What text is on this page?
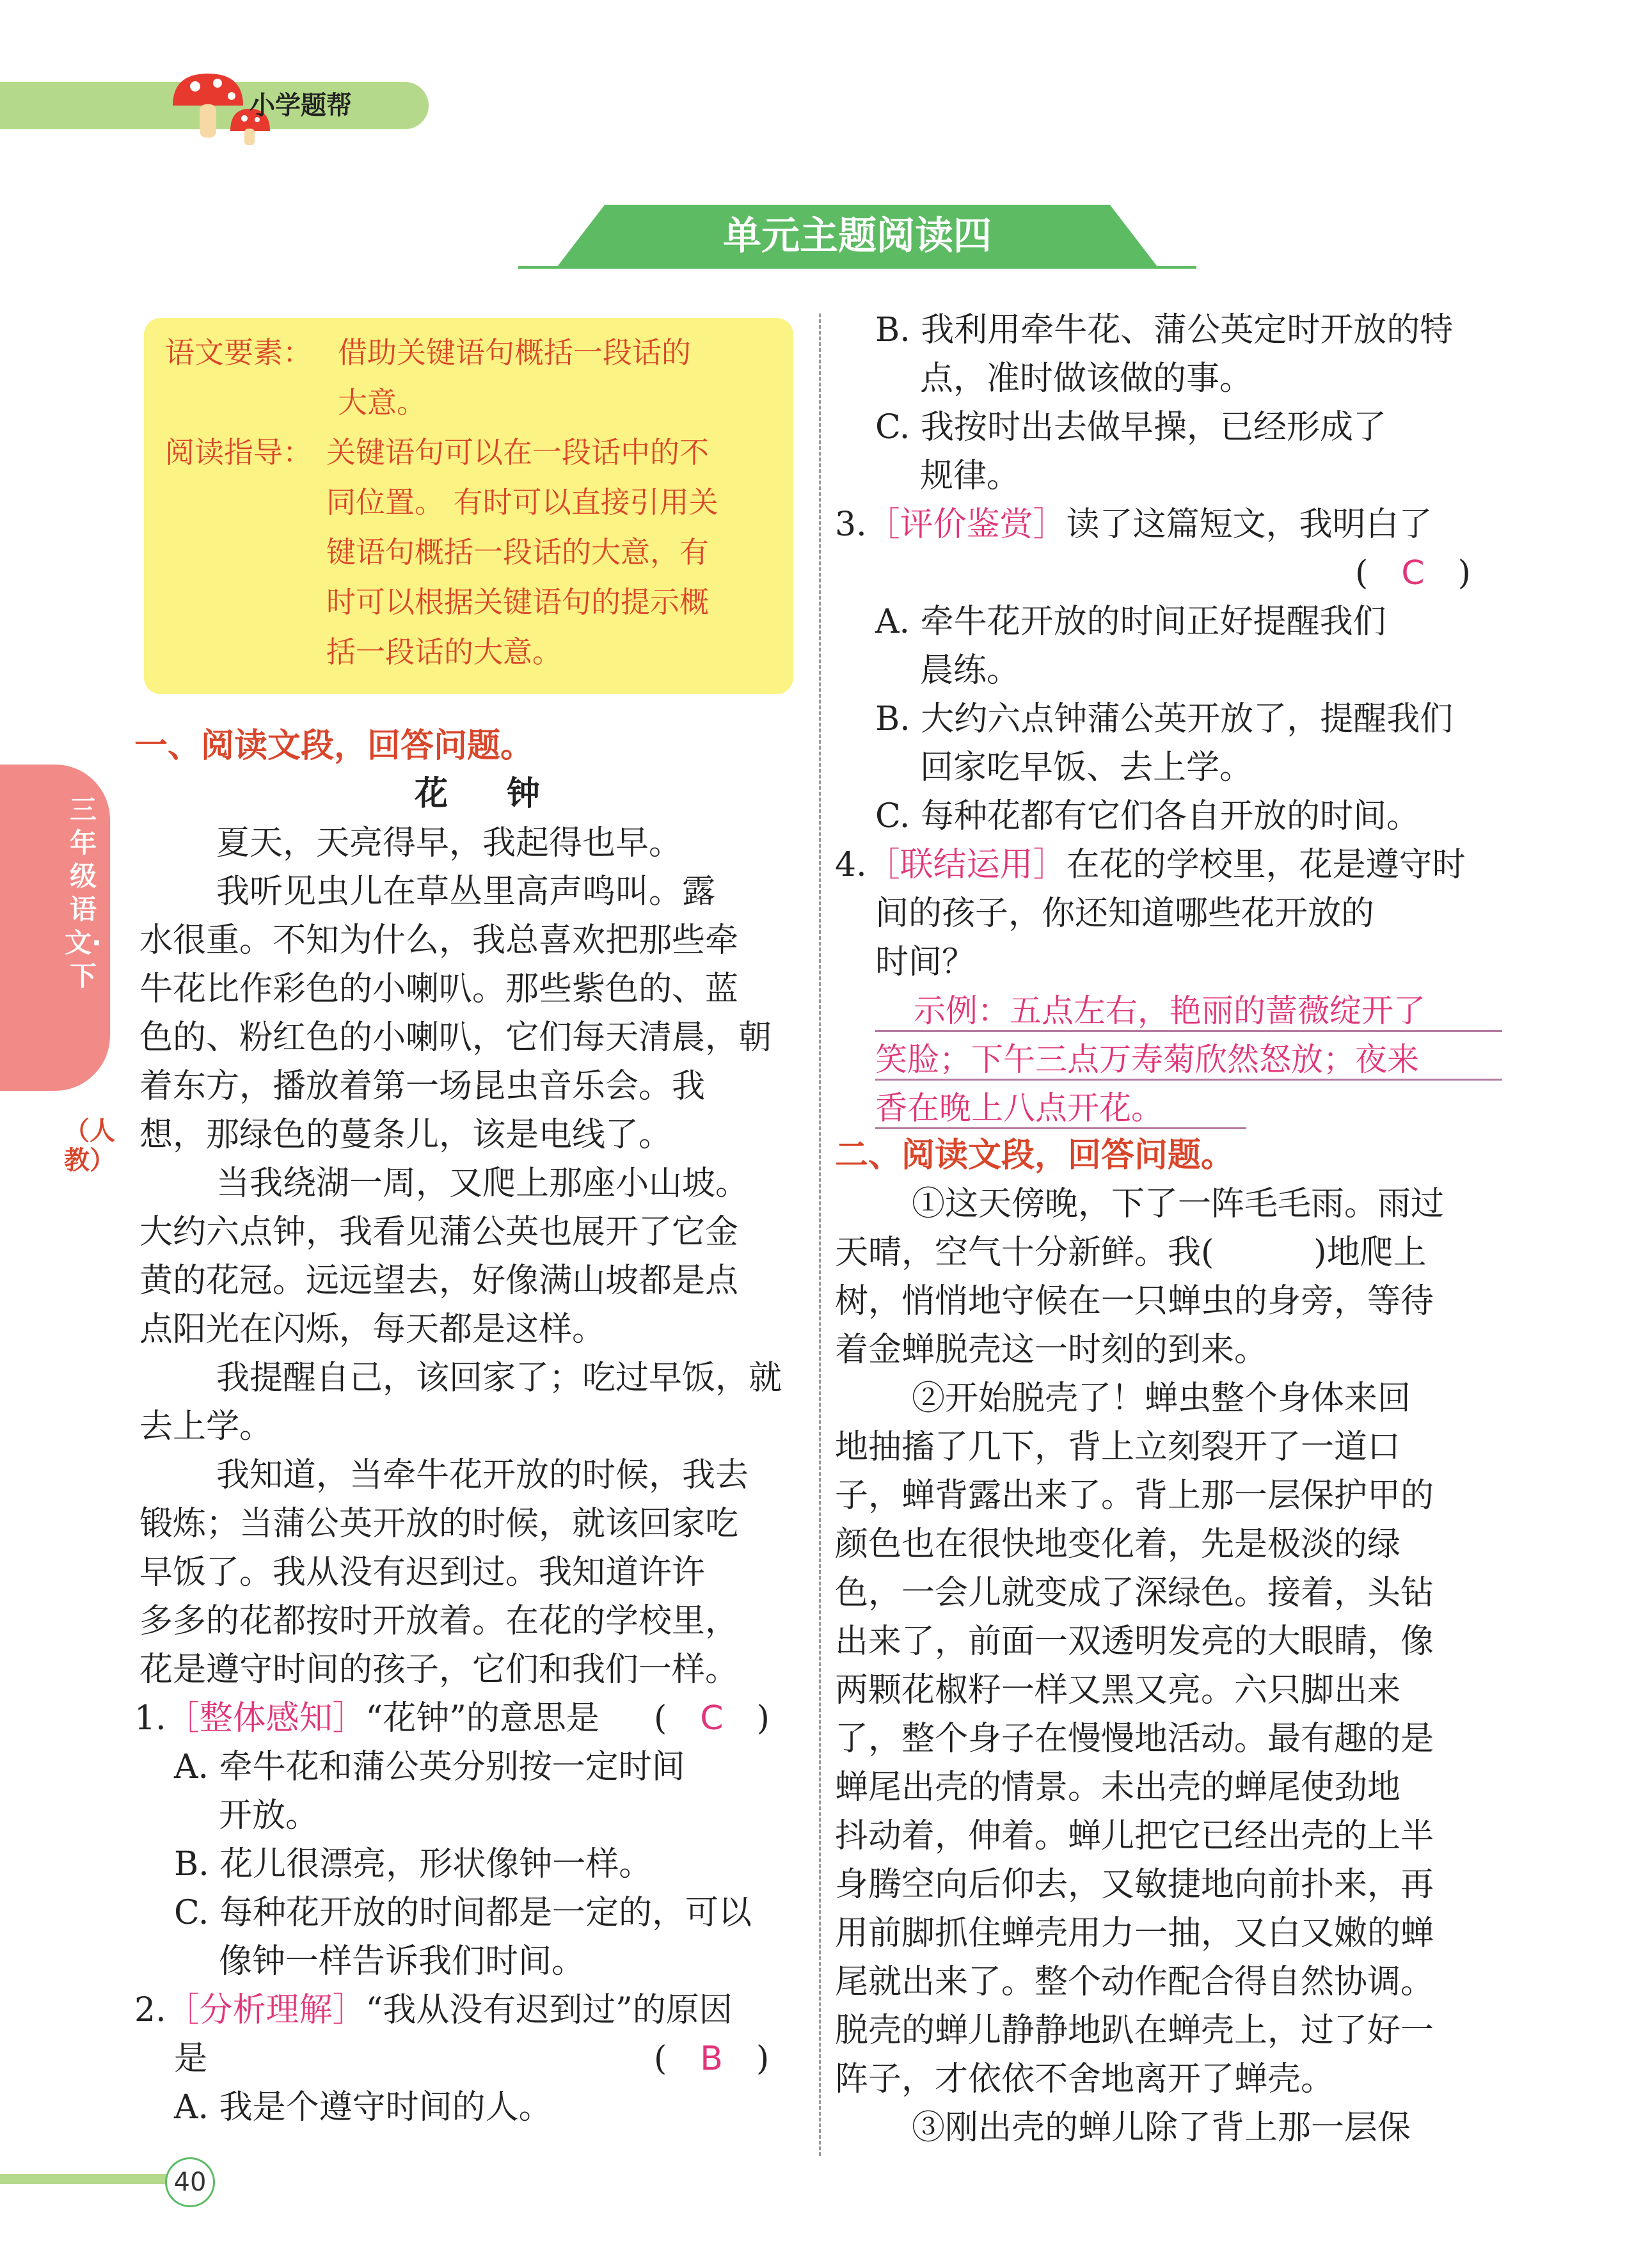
小学题帮
单元主题阅读四
语文要素： 借助关键语句概括一段话的
大意。
阅读指导： 关键语句可以在一段话中的不
同位置。 有时可以直接引用关
键语句概括一段话的大意，有
时可以根据关键语句的提示概
括一段话的大意。
三年级语文·下
（人教）
一、阅读文段，回答问题。
花　钟
夏天，天亮得早，我起得也早。
我听见虫儿在草丛里高声鸣叫。露
水很重。不知为什么，我总喜欢把那些牵
牛花比作彩色的小喇叭。那些紫色的、蓝
色的、粉红色的小喇叭，它们每天清晨，朝
着东方，播放着第一场昆虫音乐会。我
想，那绿色的蔓条儿，该是电线了。
当我绕湖一周，又爬上那座小山坡。
大约六点钟，我看见蒲公英也展开了它金
黄的花冠。远远望去，好像满山坡都是点
点阳光在闪烁，每天都是这样。
我提醒自己，该回家了；吃过早饭，就
去上学。
我知道，当牵牛花开放的时候，我去
锻炼；当蒲公英开放的时候，就该回家吃
早饭了。我从没有迟到过。我知道许许
多多的花都按时开放着。在花的学校里，
花是遵守时间的孩子，它们和我们一样。
1.［整体感知］“花钟”的意思是 (　C　)
A. 牵牛花和蒲公英分别按一定时间
开放。
B. 花儿很漂亮，形状像钟一样。
C. 每种花开放的时间都是一定的，可以
像钟一样告诉我们时间。
2.［分析理解］“我从没有迟到过”的原因
是	(　B　)
A. 我是个遵守时间的人。
B. 我利用牵牛花、蒲公英定时开放的特
点，准时做该做的事。
C. 我按时出去做早操，已经形成了
规律。
3.［评价鉴赏］读了这篇短文，我明白了
(　C　)
A. 牵牛花开放的时间正好提醒我们
晨练。
B. 大约六点钟蒲公英开放了，提醒我们
回家吃早饭、去上学。
C. 每种花都有它们各自开放的时间。
4.［联结运用］在花的学校里，花是遵守时
间的孩子，你还知道哪些花开放的
时间？
示例：五点左右，艳丽的蔷薇绽开了
笑脸；下午三点万寿菊欣然怒放；夜来
香在晚上八点开花。
二、阅读文段，回答问题。
①这天傍晚，下了一阵毛毛雨。雨过
天晴，空气十分新鲜。我(　　　)地爬上
树，悄悄地守候在一只蝉虫的身旁，等待
着金蝉脱壳这一时刻的到来。
②开始脱壳了！蝉虫整个身体来回
地抽搐了几下，背上立刻裂开了一道口
子，蝉背露出来了。背上那一层保护甲的
颜色也在很快地变化着，先是极淡的绿
色，一会儿就变成了深绿色。接着，头钻
出来了，前面一双透明发亮的大眼睛，像
两颗花椒籽一样又黑又亮。六只脚出来
了，整个身子在慢慢地活动。最有趣的是
蝉尾出壳的情景。未出壳的蝉尾使劲地
抖动着，伸着。蝉儿把它已经出壳的上半
身腾空向后仰去，又敏捷地向前扑来，再
用前脚抓住蝉壳用力一抽，又白又嫩的蝉
尾就出来了。整个动作配合得自然协调。
脱壳的蝉儿静静地趴在蝉壳上，过了好一
阵子，才依依不舍地离开了蝉壳。
③刚出壳的蝉儿除了背上那一层保
40
